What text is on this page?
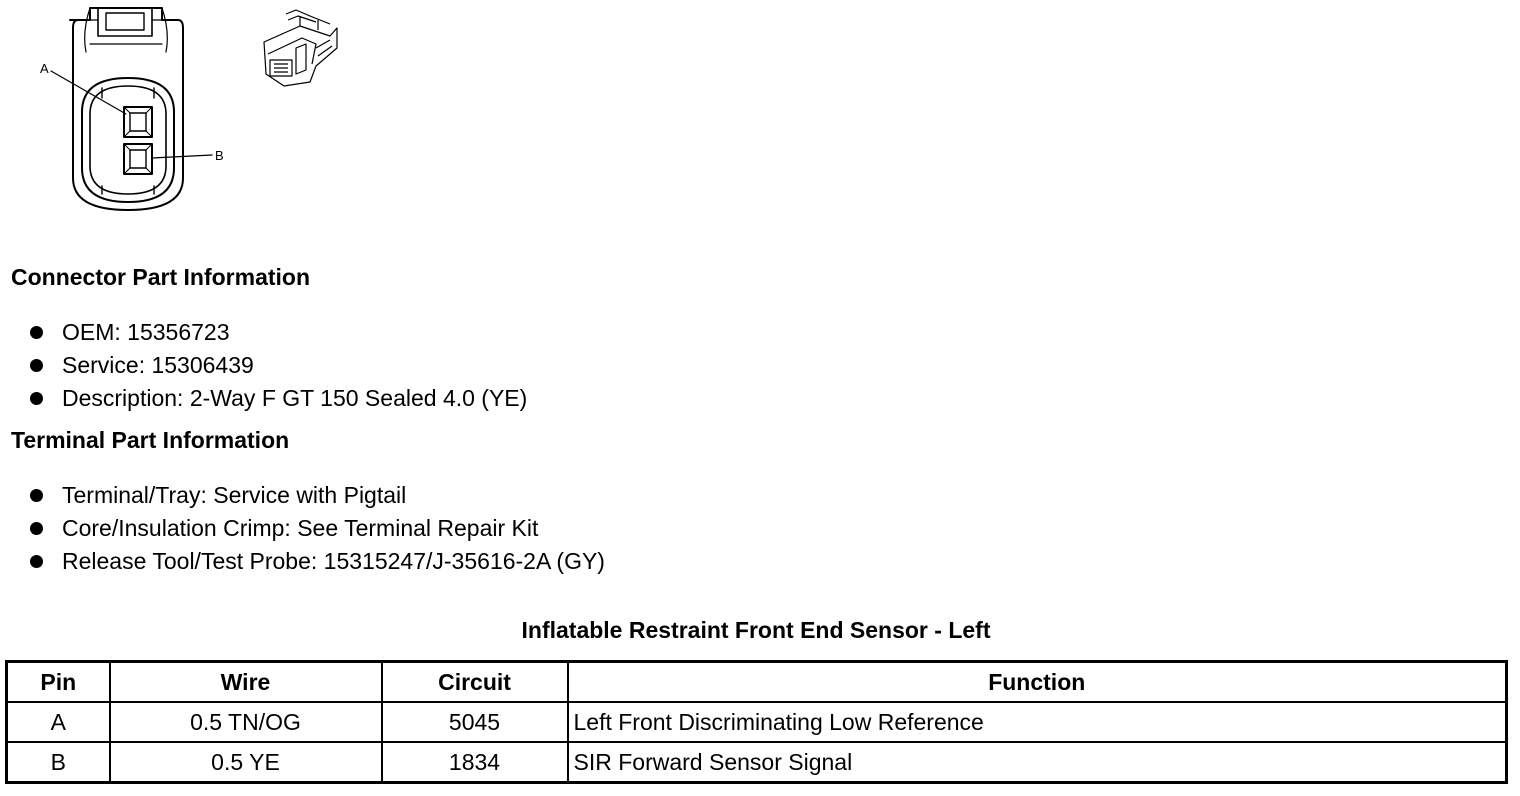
A
B
Connector Part Information
OEM: 15356723
Service: 15306439
Description: 2-Way F GT 150 Sealed 4.0 (YE)
Terminal Part Information
Terminal/Tray: Service with Pigtail
Core/Insulation Crimp: See Terminal Repair Kit
Release Tool/Test Probe: 15315247/J-35616-2A (GY)
Inflatable Restraint Front End Sensor - Left
Pin	Wire	Circuit	Function
A	0.5 TN/OG	5045	Left Front Discriminating Low Reference
B	0.5 YE	1834	SIR Forward Sensor Signal
